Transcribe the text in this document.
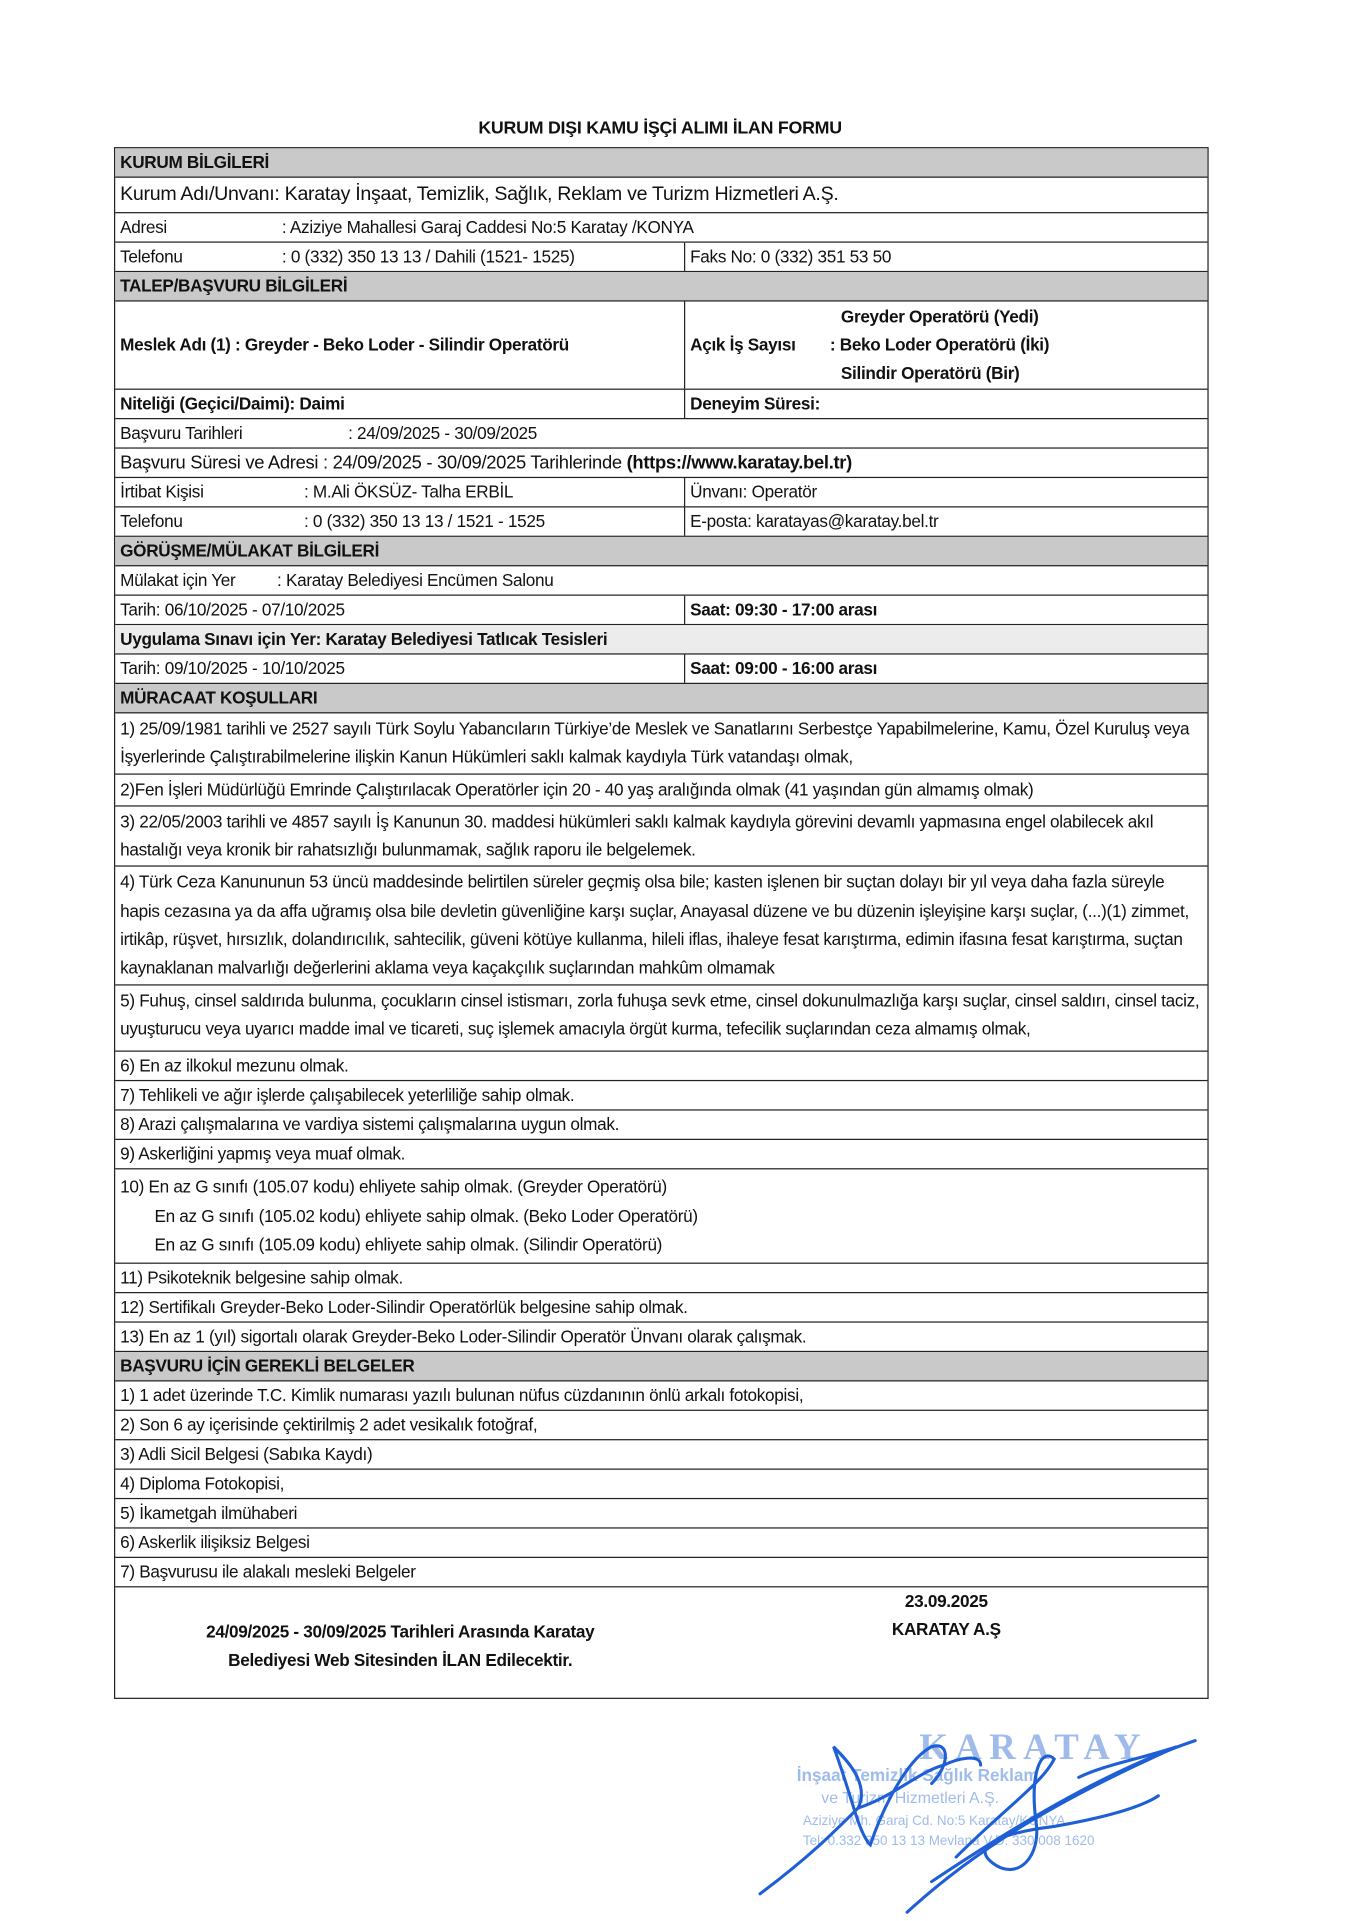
KURUM DIŞI KAMU İŞÇİ ALIMI İLAN FORMU
KURUM BİLGİLERİ
Kurum Adı/Unvanı: Karatay İnşaat, Temizlik, Sağlık, Reklam ve Turizm Hizmetleri A.Ş.
Adresi	: Aziziye Mahallesi Garaj Caddesi No:5 Karatay /KONYA
Telefonu	: 0 (332) 350 13 13 / Dahili (1521- 1525)	Faks No: 0 (332) 351 53 50
TALEP/BAŞVURU BİLGİLERİ
Meslek Adı (1) : Greyder - Beko Loder - Silindir Operatörü	Açık İş Sayısı
Greyder Operatörü (Yedi)
: Beko Loder Operatörü (İki)
Silindir Operatörü (Bir)
Niteliği (Geçici/Daimi): Daimi	Deneyim Süresi:
Başvuru Tarihleri	: 24/09/2025 - 30/09/2025
Başvuru Süresi ve Adresi : 24/09/2025 - 30/09/2025 Tarihlerinde (https://www.karatay.bel.tr)
İrtibat Kişisi	: M.Ali ÖKSÜZ- Talha ERBİL	Ünvanı: Operatör
Telefonu	: 0 (332) 350 13 13 / 1521 - 1525	E-posta: karatayas@karatay.bel.tr
GÖRÜŞME/MÜLAKAT BİLGİLERİ
Mülakat için Yer	: Karatay Belediyesi Encümen Salonu
Tarih: 06/10/2025 - 07/10/2025	Saat: 09:30 - 17:00 arası
Uygulama Sınavı için Yer: Karatay Belediyesi Tatlıcak Tesisleri
Tarih: 09/10/2025 - 10/10/2025	Saat: 09:00 - 16:00 arası
MÜRACAAT KOŞULLARI
1) 25/09/1981 tarihli ve 2527 sayılı Türk Soylu Yabancıların Türkiye’de Meslek ve Sanatlarını Serbestçe Yapabilmelerine, Kamu, Özel Kuruluş veya İşyerlerinde Çalıştırabilmelerine ilişkin Kanun Hükümleri saklı kalmak kaydıyla Türk vatandaşı olmak,
2)Fen İşleri Müdürlüğü Emrinde Çalıştırılacak Operatörler için 20 - 40 yaş aralığında olmak (41 yaşından gün almamış olmak)
3) 22/05/2003 tarihli ve 4857 sayılı İş Kanunun 30. maddesi hükümleri saklı kalmak kaydıyla görevini devamlı yapmasına engel olabilecek akıl hastalığı veya kronik bir rahatsızlığı bulunmamak, sağlık raporu ile belgelemek.
4) Türk Ceza Kanununun 53 üncü maddesinde belirtilen süreler geçmiş olsa bile; kasten işlenen bir suçtan dolayı bir yıl veya daha fazla süreyle hapis cezasına ya da affa uğramış olsa bile devletin güvenliğine karşı suçlar, Anayasal düzene ve bu düzenin işleyişine karşı suçlar, (...)(1) zimmet, irtikâp, rüşvet, hırsızlık, dolandırıcılık, sahtecilik, güveni kötüye kullanma, hileli iflas, ihaleye fesat karıştırma, edimin ifasına fesat karıştırma, suçtan kaynaklanan malvarlığı değerlerini aklama veya kaçakçılık suçlarından mahkûm olmamak
5) Fuhuş, cinsel saldırıda bulunma, çocukların cinsel istismarı, zorla fuhuşa sevk etme, cinsel dokunulmazlığa karşı suçlar, cinsel saldırı, cinsel taciz, uyuşturucu veya uyarıcı madde imal ve ticareti, suç işlemek amacıyla örgüt kurma, tefecilik suçlarından ceza almamış olmak,
6) En az ilkokul mezunu olmak.
7) Tehlikeli ve ağır işlerde çalışabilecek yeterliliğe sahip olmak.
8) Arazi çalışmalarına ve vardiya sistemi çalışmalarına uygun olmak.
9) Askerliğini yapmış veya muaf olmak.
10) En az G sınıfı (105.07 kodu) ehliyete sahip olmak. (Greyder Operatörü)
En az G sınıfı (105.02 kodu) ehliyete sahip olmak. (Beko Loder Operatörü)
En az G sınıfı (105.09 kodu) ehliyete sahip olmak. (Silindir Operatörü)
11) Psikoteknik belgesine sahip olmak.
12) Sertifikalı Greyder-Beko Loder-Silindir Operatörlük belgesine sahip olmak.
13) En az 1 (yıl) sigortalı olarak Greyder-Beko Loder-Silindir Operatör Ünvanı olarak çalışmak.
BAŞVURU İÇİN GEREKLİ BELGELER
1) 1 adet üzerinde T.C. Kimlik numarası yazılı bulunan nüfus cüzdanının önlü arkalı fotokopisi,
2) Son 6 ay içerisinde çektirilmiş 2 adet vesikalık fotoğraf,
3) Adli Sicil Belgesi (Sabıka Kaydı)
4) Diploma Fotokopisi,
5) İkametgah ilmühaberi
6) Askerlik ilişiksiz Belgesi
7) Başvurusu ile alakalı mesleki Belgeler
24/09/2025 - 30/09/2025 Tarihleri Arasında Karatay
Belediyesi Web Sitesinden İLAN Edilecektir.
23.09.2025
KARATAY A.Ş
KARATAY
İnşaat Temizlik Sağlık Reklam
ve Turizm Hizmetleri A.Ş.
Aziziye Mh. Garaj Cd. No:5 Karatay/KONYA
Tel: 0.332 350 13 13 Mevlana V.D. 330 008 1620
